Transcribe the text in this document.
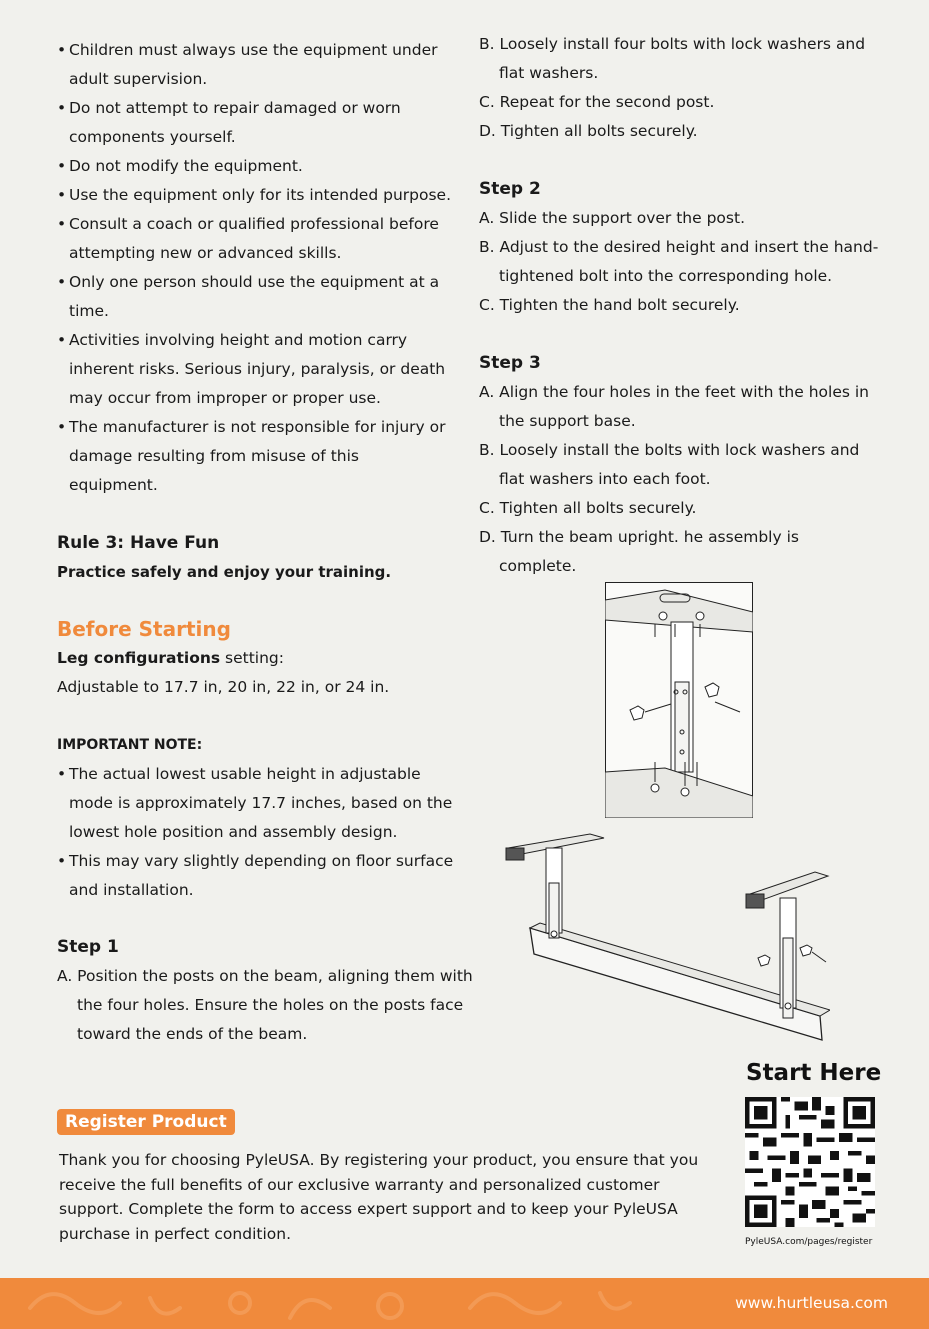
• Children must always use the equipment under adult supervision.

• Do not attempt to repair damaged or worn components yourself.

• Do not modify the equipment.

• Use the equipment only for its intended purpose.

• Consult a coach or qualified professional before attempting new or advanced skills.

• Only one person should use the equipment at a time.

• Activities involving height and motion carry inherent risks. Serious injury, paralysis, or death may occur from improper or proper use.

• The manufacturer is not responsible for injury or damage resulting from misuse of this equipment.

Rule 3: Have Fun

Practice safely and enjoy your training.

Before Starting

Leg configurations setting:

Adjustable to 17.7 in, 20 in, 22 in, or 24 in.

IMPORTANT NOTE:

• The actual lowest usable height in adjustable mode is approximately 17.7 inches, based on the lowest hole position and assembly design.

• This may vary slightly depending on floor surface and installation.

Step 1

A. Position the posts on the beam, aligning them with the four holes. Ensure the holes on the posts face toward the ends of the beam.

B. Loosely install four bolts with lock washers and flat washers.

C. Repeat for the second post.

D. Tighten all bolts securely.

Step 2

A. Slide the support over the post.

B. Adjust to the desired height and insert the hand-tightened bolt into the corresponding hole.

C. Tighten the hand bolt securely.

Step 3

A. Align the four holes in the feet with the holes in the support base.

B. Loosely install the bolts with lock washers and flat washers into each foot.

C. Tighten all bolts securely.

D. Turn the beam upright. he assembly is complete.

Register Product
Thank you for choosing PyleUSA. By registering your product, you ensure that you receive the full benefits of our exclusive warranty and personalized customer support. Complete the form to access expert support and to keep your PyleUSA purchase in perfect condition.
Start Here
PyleUSA.com/pages/register
www.hurtleusa.com
